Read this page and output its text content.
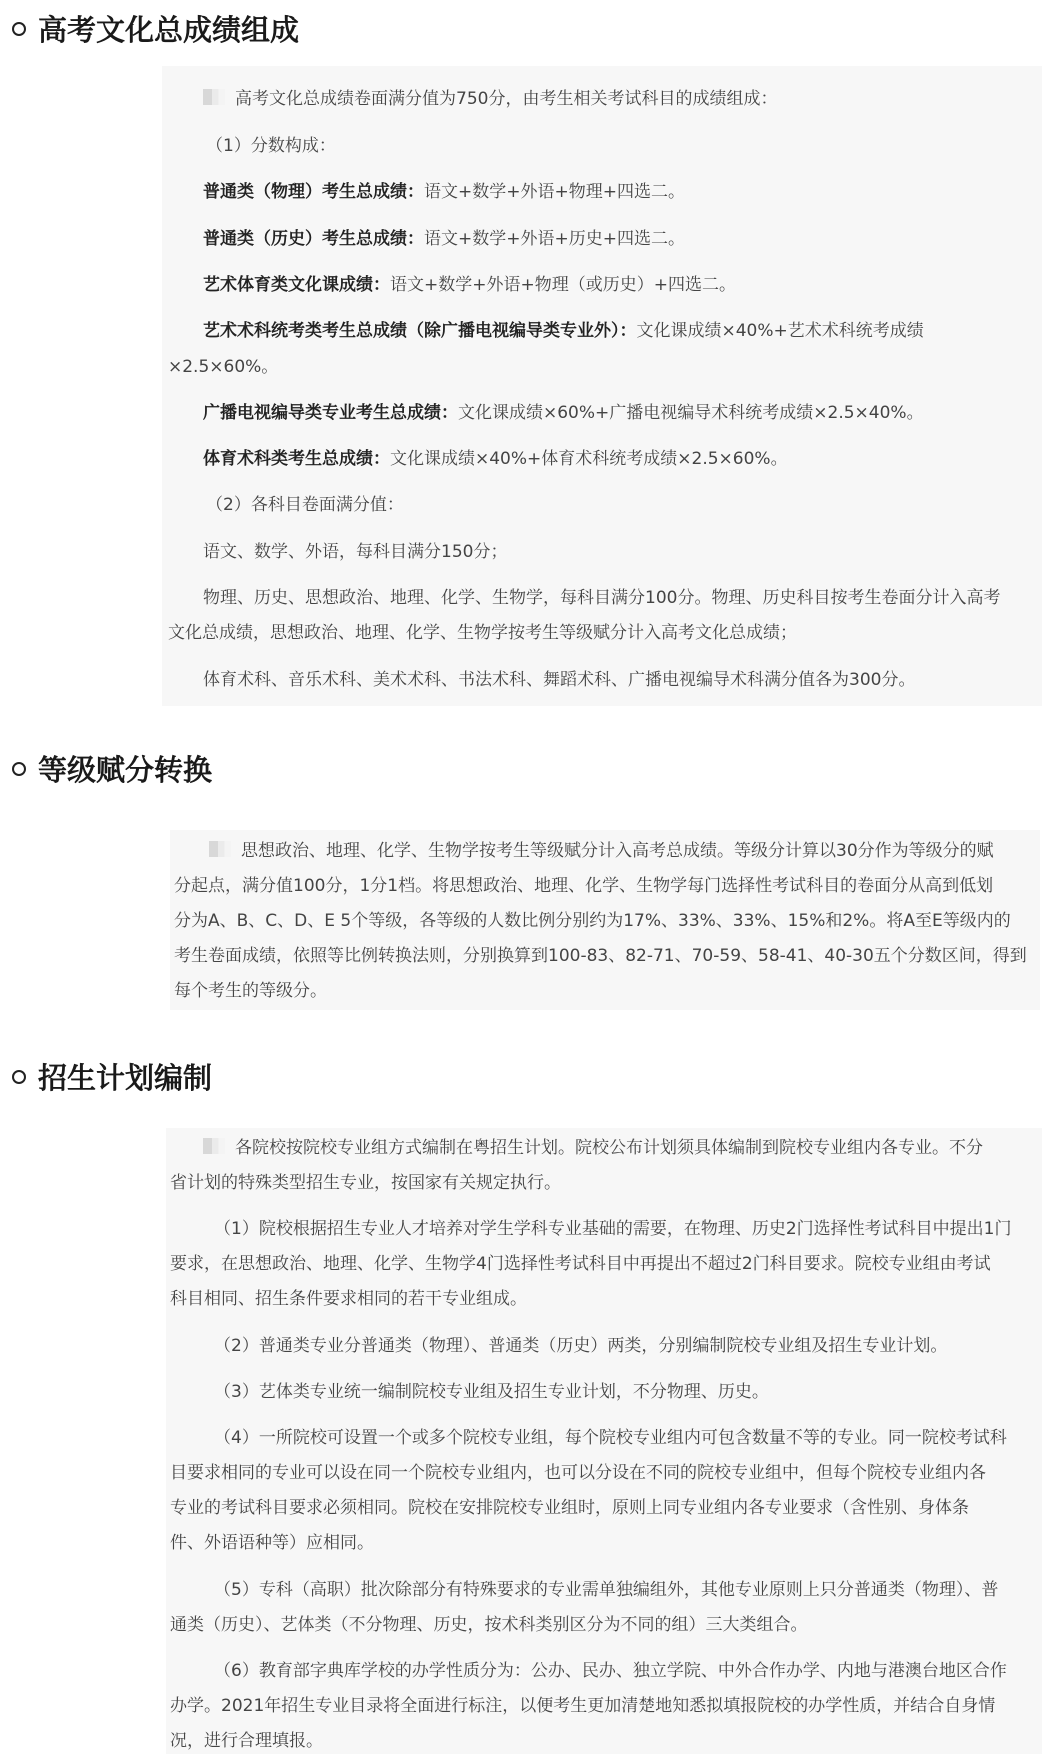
高考文化总成绩组成
高考文化总成绩卷面满分值为750分，由考生相关考试科目的成绩组成：
（1）分数构成：
普通类（物理）考生总成绩：语文+数学+外语+物理+四选二。
普通类（历史）考生总成绩：语文+数学+外语+历史+四选二。
艺术体育类文化课成绩：语文+数学+外语+物理（或历史）+四选二。
艺术术科统考类考生总成绩（除广播电视编导类专业外）：文化课成绩×40%+艺术术科统考成绩
×2.5×60%。
广播电视编导类专业考生总成绩：文化课成绩×60%+广播电视编导术科统考成绩×2.5×40%。
体育术科类考生总成绩：文化课成绩×40%+体育术科统考成绩×2.5×60%。
（2）各科目卷面满分值：
语文、数学、外语，每科目满分150分；
物理、历史、思想政治、地理、化学、生物学，每科目满分100分。物理、历史科目按考生卷面分计入高考
文化总成绩，思想政治、地理、化学、生物学按考生等级赋分计入高考文化总成绩；
体育术科、音乐术科、美术术科、书法术科、舞蹈术科、广播电视编导术科满分值各为300分。
等级赋分转换
思想政治、地理、化学、生物学按考生等级赋分计入高考总成绩。等级分计算以30分作为等级分的赋
分起点，满分值100分，1分1档。将思想政治、地理、化学、生物学每门选择性考试科目的卷面分从高到低划
分为A、B、C、D、E 5个等级，各等级的人数比例分别约为17%、33%、33%、15%和2%。将A至E等级内的
考生卷面成绩，依照等比例转换法则，分别换算到100-83、82-71、70-59、58-41、40-30五个分数区间，得到
每个考生的等级分。
招生计划编制
各院校按院校专业组方式编制在粤招生计划。院校公布计划须具体编制到院校专业组内各专业。不分
省计划的特殊类型招生专业，按国家有关规定执行。
（1）院校根据招生专业人才培养对学生学科专业基础的需要，在物理、历史2门选择性考试科目中提出1门
要求，在思想政治、地理、化学、生物学4门选择性考试科目中再提出不超过2门科目要求。院校专业组由考试
科目相同、招生条件要求相同的若干专业组成。
（2）普通类专业分普通类（物理）、普通类（历史）两类，分别编制院校专业组及招生专业计划。
（3）艺体类专业统一编制院校专业组及招生专业计划，不分物理、历史。
（4）一所院校可设置一个或多个院校专业组，每个院校专业组内可包含数量不等的专业。同一院校考试科
目要求相同的专业可以设在同一个院校专业组内，也可以分设在不同的院校专业组中，但每个院校专业组内各
专业的考试科目要求必须相同。院校在安排院校专业组时，原则上同专业组内各专业要求（含性别、身体条
件、外语语种等）应相同。
（5）专科（高职）批次除部分有特殊要求的专业需单独编组外，其他专业原则上只分普通类（物理）、普
通类（历史）、艺体类（不分物理、历史，按术科类别区分为不同的组）三大类组合。
（6）教育部字典库学校的办学性质分为：公办、民办、独立学院、中外合作办学、内地与港澳台地区合作
办学。2021年招生专业目录将全面进行标注，以便考生更加清楚地知悉拟填报院校的办学性质，并结合自身情
况，进行合理填报。
